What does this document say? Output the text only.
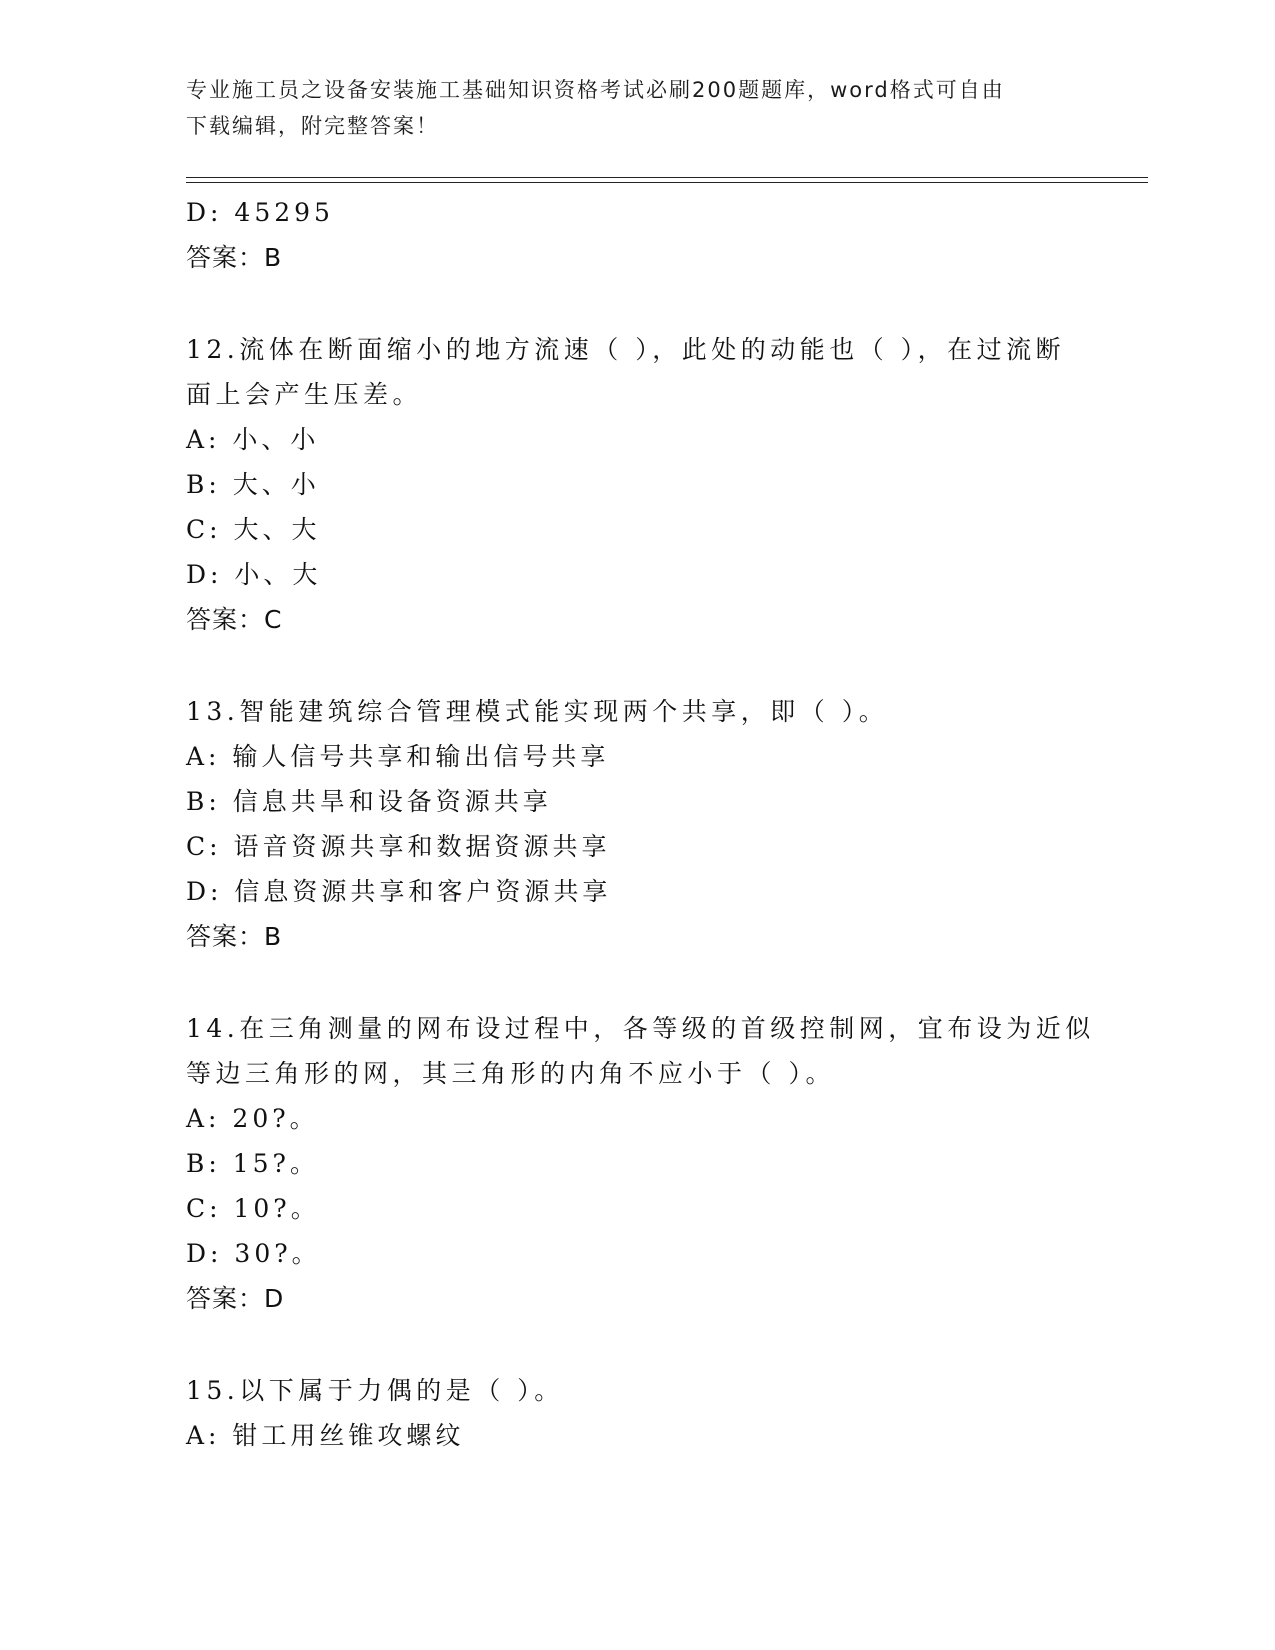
专业施工员之设备安装施工基础知识资格考试必刷200题题库，word格式可自由
下载编辑，附完整答案！
D: 45295
答案：B
12.流体在断面缩小的地方流速（ ），此处的动能也（ ），在过流断
面上会产生压差。
A: 小、小
B: 大、小
C: 大、大
D: 小、大
答案：C
13.智能建筑综合管理模式能实现两个共享，即（ ）。
A: 输人信号共享和输出信号共享
B: 信息共旱和设备资源共享
C: 语音资源共享和数据资源共享
D: 信息资源共享和客户资源共享
答案：B
14.在三角测量的网布设过程中，各等级的首级控制网，宜布设为近似
等边三角形的网，其三角形的内角不应小于（ ）。
A: 20?。
B: 15?。
C: 10?。
D: 30?。
答案：D
15.以下属于力偶的是（ ）。
A: 钳工用丝锥攻螺纹
